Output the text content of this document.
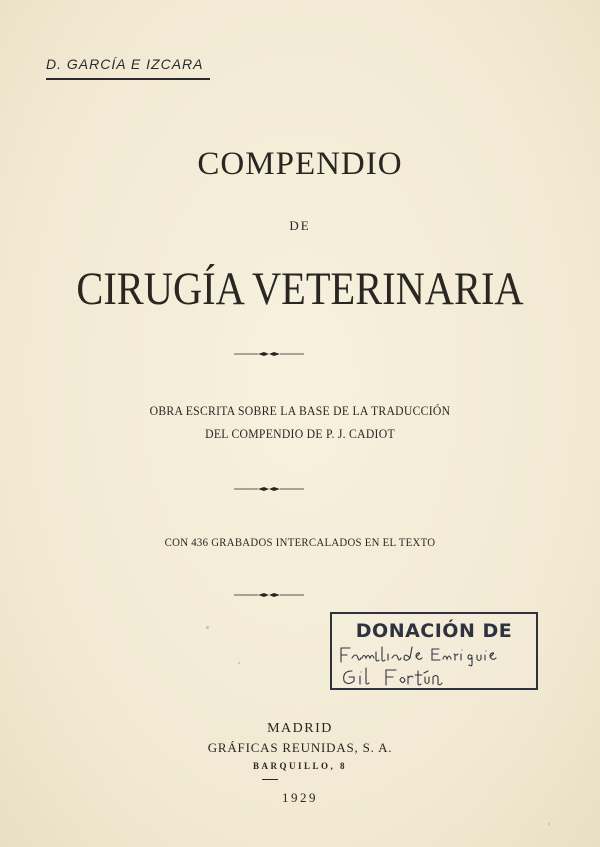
D. GARCÍA E IZCARA
COMPENDIO
DE
CIRUGÍA VETERINARIA
OBRA ESCRITA SOBRE LA BASE DE LA TRADUCCIÓN
DEL COMPENDIO DE P. J. CADIOT
CON 436 GRABADOS INTERCALADOS EN EL TEXTO
DONACIÓN DE
MADRID
GRÁFICAS REUNIDAS, S. A.
BARQUILLO, 8
1929
